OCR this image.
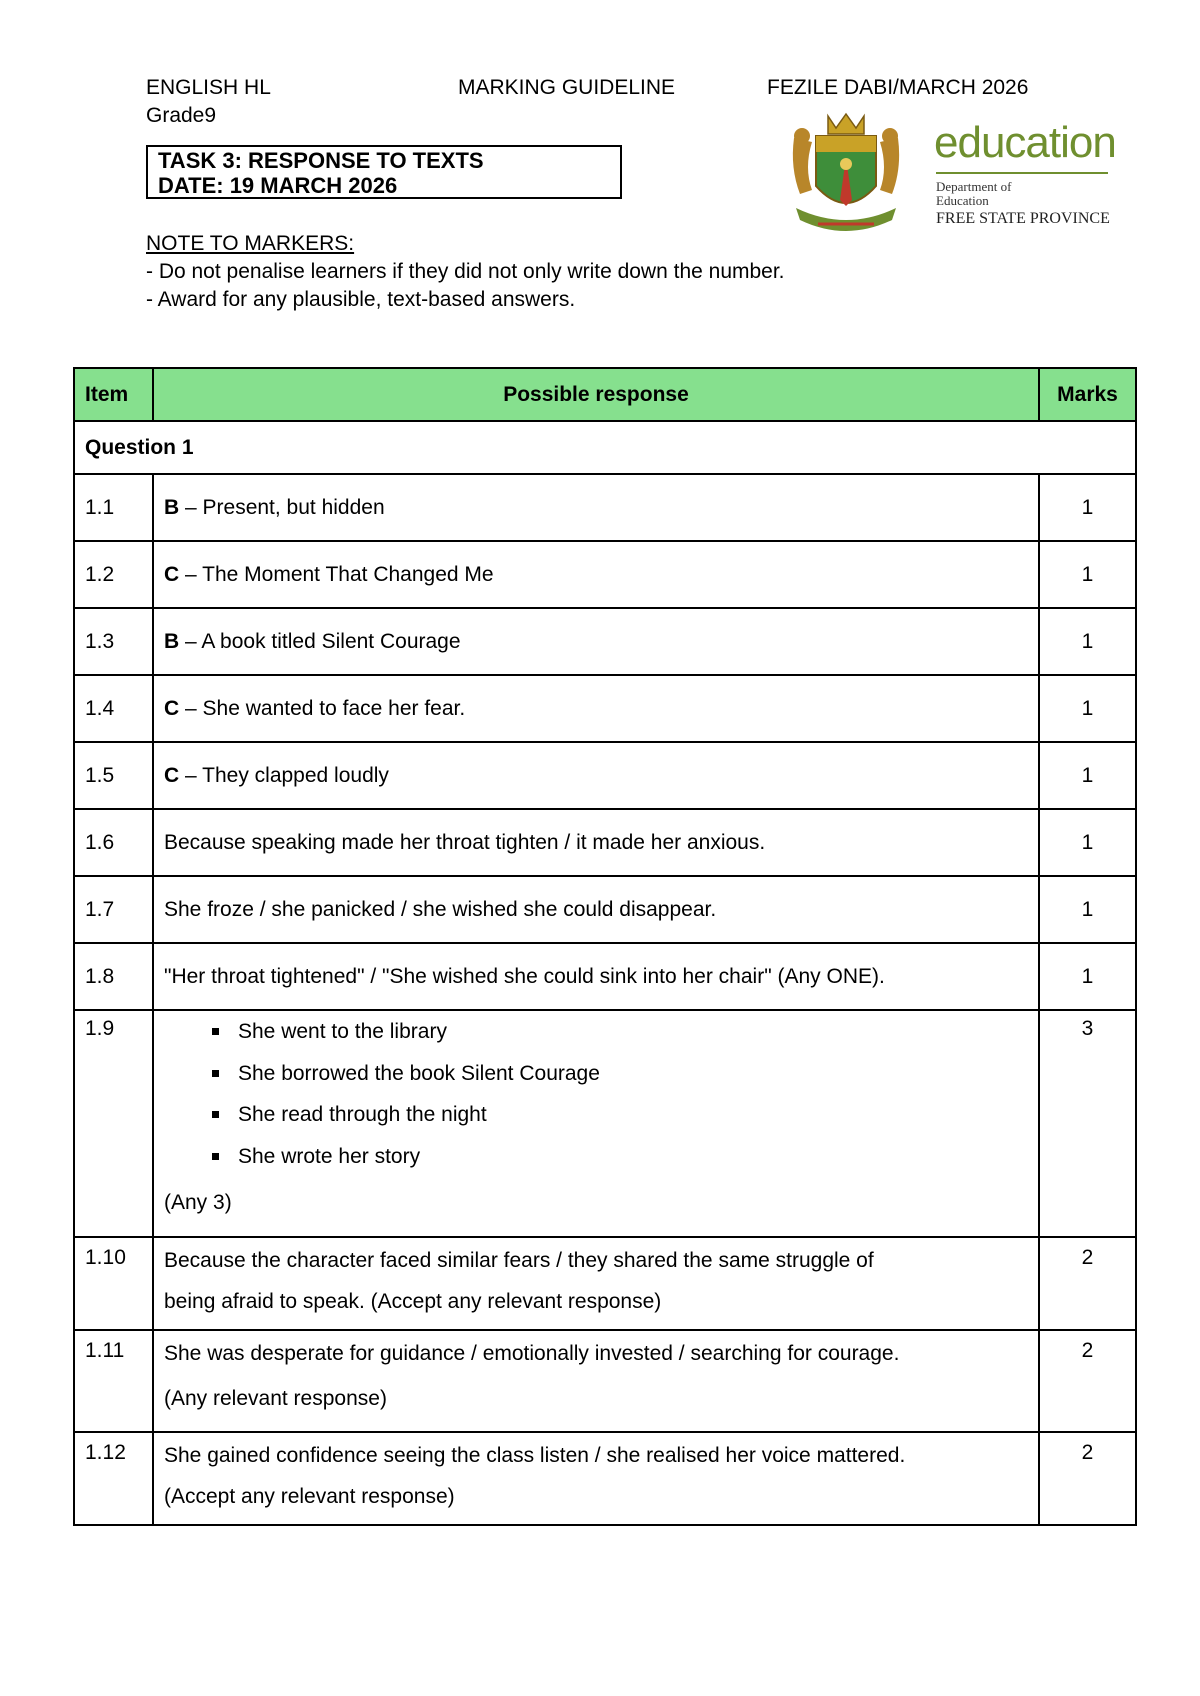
ENGLISH HL	MARKING GUIDELINE	FEZILE DABI/MARCH 2026
Grade9
TASK 3: RESPONSE TO TEXTS
DATE: 19 MARCH 2026
education
Department of
Education
FREE STATE PROVINCE
NOTE TO MARKERS:
- Do not penalise learners if they did not only write down the number.
- Award for any plausible, text-based answers.
Item	Possible response	Marks
Question 1		
1.1	B – Present, but hidden	1
1.2	C – The Moment That Changed Me	1
1.3	B – A book titled Silent Courage	1
1.4	C – She wanted to face her fear.	1
1.5	C – They clapped loudly	1
1.6	Because speaking made her throat tighten / it made her anxious.	1
1.7	She froze / she panicked / she wished she could disappear.	1
1.8	"Her throat tightened" / "She wished she could sink into her chair" (Any ONE).	1

1.9	She went to the library
She borrowed the book Silent Courage
She read through the night
She wrote her story
(Any 3)	3

1.10	Because the character faced similar fears / they shared the same struggle of
being afraid to speak. (Accept any relevant response)	2

1.11	She was desperate for guidance / emotionally invested / searching for courage.
(Any relevant response)	2

1.12	She gained confidence seeing the class listen / she realised her voice mattered.
(Accept any relevant response)	2
